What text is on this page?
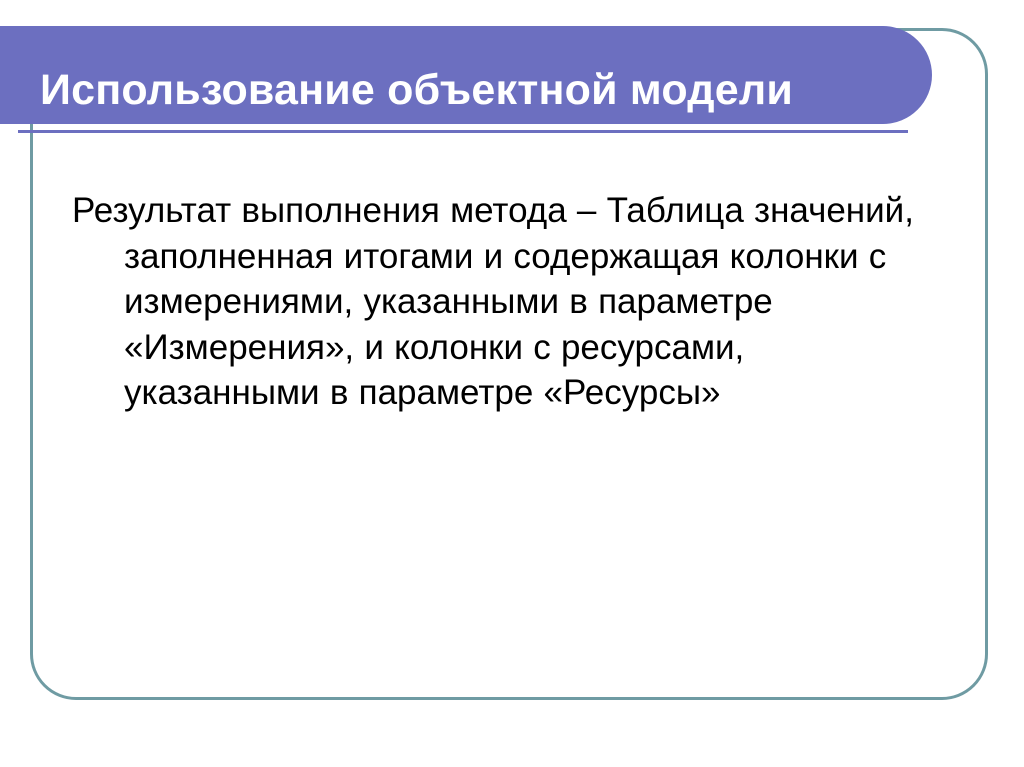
Использование объектной модели
Результат выполнения метода – Таблица значений, заполненная итогами и содержащая колонки с измерениями, указанными в параметре «Измерения», и колонки с ресурсами, указанными в параметре «Ресурсы»
